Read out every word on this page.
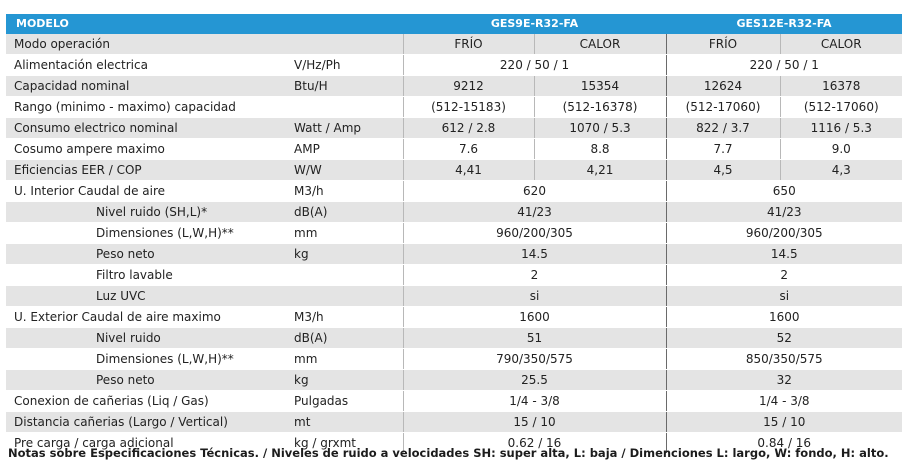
MODELO		GES9E-R32-FA		GES12E-R32-FA	
Modo operación		FRÍO	CALOR	FRÍO	CALOR
Alimentación electrica	V/Hz/Ph	220 / 50 / 1		220 / 50 / 1	
Capacidad nominal	Btu/H	9212	15354	12624	16378
Rango (minimo - maximo) capacidad		(512-15183)	(512-16378)	(512-17060)	(512-17060)
Consumo electrico nominal	Watt / Amp	612 / 2.8	1070 / 5.3	822 / 3.7	1116 / 5.3
Cosumo ampere maximo	AMP	7.6	8.8	7.7	9.0
Eficiencias EER / COP	W/W	4,41	4,21	4,5	4,3
U. Interior Caudal de aire	M3/h	620		650	
Nivel ruido (SH,L)*	dB(A)	41/23		41/23	
Dimensiones (L,W,H)**	mm	960/200/305		960/200/305	
Peso neto	kg	14.5		14.5	
Filtro lavable		2		2	
Luz UVC		si		si	
U. Exterior Caudal de aire maximo	M3/h	1600		1600	
Nivel ruido	dB(A)	51		52	
Dimensiones (L,W,H)**	mm	790/350/575		850/350/575	
Peso neto	kg	25.5		32	
Conexion de cañerias (Liq / Gas)	Pulgadas	1/4 - 3/8		1/4 - 3/8	
Distancia cañerias (Largo / Vertical)	mt	15 / 10		15 / 10	
Pre carga / carga adicional	kg / grxmt	0.62 / 16		0.84 / 16	
Notas sobre Especificaciones Técnicas. / Niveles de ruido a velocidades SH: super alta, L: baja / Dimenciones L: largo, W: fondo, H: alto.
